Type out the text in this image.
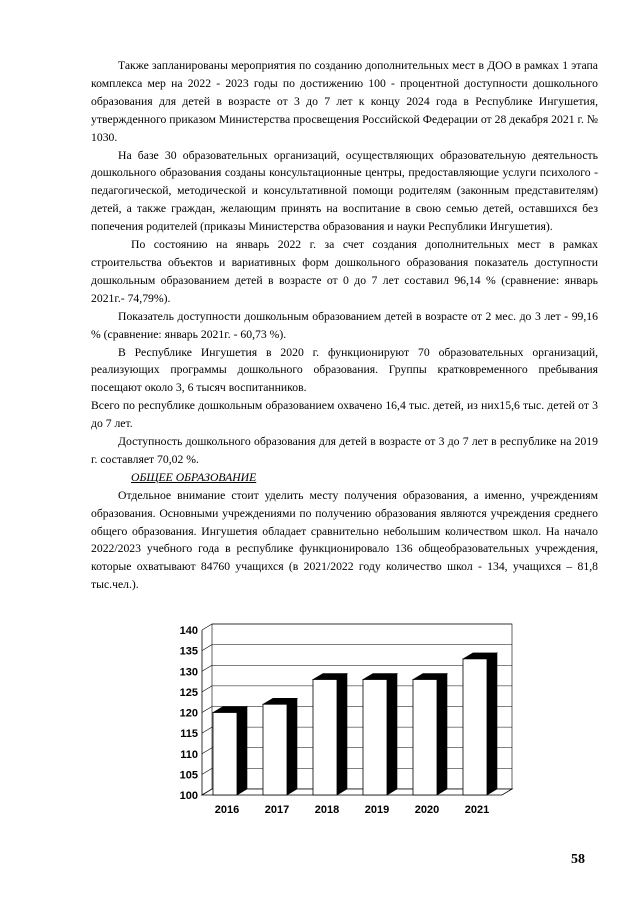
Также запланированы мероприятия по созданию дополнительных мест в ДОО в рамках 1 этапа комплекса мер на 2022 - 2023 годы по достижению 100 - процентной доступности дошкольного образования для детей в возрасте от 3 до 7 лет к концу 2024 года в Республике Ингушетия, утвержденного приказом Министерства просвещения Российской Федерации от 28 декабря 2021 г. № 1030.

На базе 30 образовательных организаций, осуществляющих образовательную деятельность дошкольного образования созданы консультационные центры, предоставляющие услуги психолого - педагогической, методической и консультативной помощи родителям (законным представителям) детей, а также граждан, желающим принять на воспитание в свою семью детей, оставшихся без попечения родителей (приказы Министерства образования и науки Республики Ингушетия).

По состоянию на январь 2022 г. за счет создания дополнительных мест в рамках строительства объектов и вариативных форм дошкольного образования показатель доступности дошкольным образованием детей в возрасте от 0 до 7 лет составил 96,14 % (сравнение: январь 2021г.- 74,79%).

Показатель доступности дошкольным образованием детей в возрасте от 2 мес. до 3 лет - 99,16 % (сравнение: январь 2021г. - 60,73 %).

В Республике Ингушетия в 2020 г. функционируют 70 образовательных организаций, реализующих программы дошкольного образования. Группы кратковременного пребывания посещают около 3, 6 тысяч воспитанников.

Всего по республике дошкольным образованием охвачено 16,4 тыс. детей, из них15,6 тыс. детей от 3 до 7 лет.

Доступность дошкольного образования для детей в возрасте от 3 до 7 лет в республике на 2019 г. составляет 70,02 %.

ОБЩЕЕ ОБРАЗОВАНИЕ

Отдельное внимание стоит уделить месту получения образования, а именно, учреждениям образования. Основными учреждениями по получению образования являются учреждения среднего общего образования. Ингушетия обладает сравнительно небольшим количеством школ. На начало 2022/2023 учебного года в республике функционировало 136 общеобразовательных учреждения, которые охватывают 84760 учащихся (в 2021/2022 году количество школ - 134, учащихся – 81,8 тыс.чел.).

100
105
110
115
120
125
130
135
140
2016 2017 2018 2019 2020 2021
58
